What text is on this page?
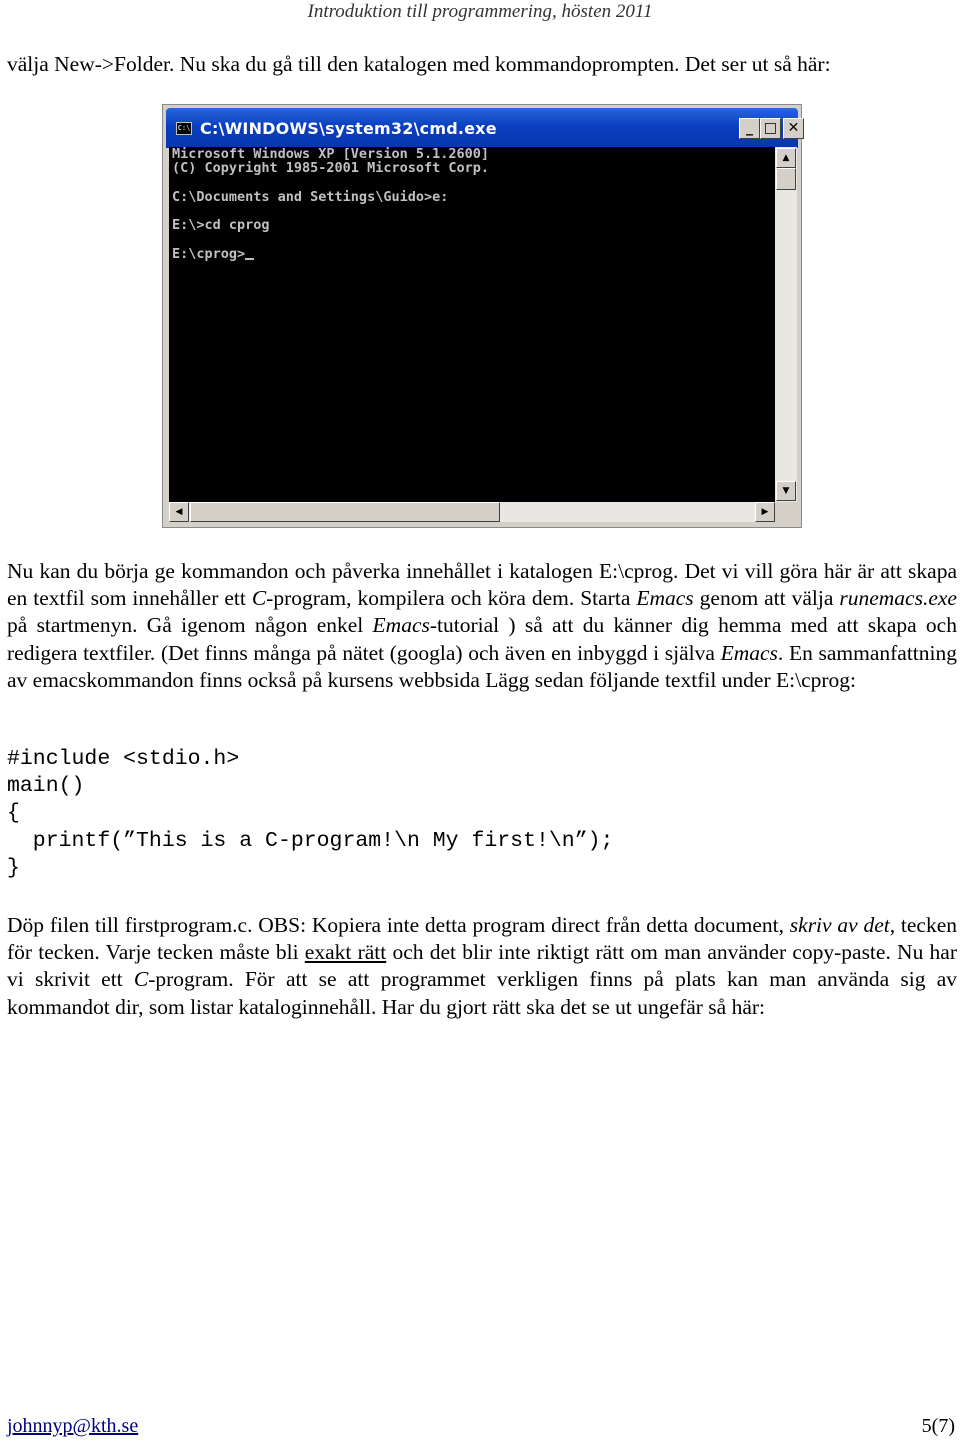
Introduktion till programmering, hösten 2011
välja New->Folder. Nu ska du gå till den katalogen med kommandoprompten. Det ser ut så här:
C:\ C:\WINDOWS\system32\cmd.exe	_ □ ✕
Microsoft Windows XP [Version 5.1.2600]
(C) Copyright 1985-2001 Microsoft Corp.
C:\Documents and Settings\Guido>e:
E:\>cd cprog
E:\cprog>
▲
▼
◀	▶
Nu kan du börja ge kommandon och påverka innehållet i katalogen E:\cprog. Det vi vill göra här är att skapa en textfil som innehåller ett C-program, kompilera och köra dem. Starta Emacs genom att välja runemacs.exe på startmenyn. Gå igenom någon enkel Emacs-tutorial ) så att du känner dig hemma med att skapa och redigera textfiler. (Det finns många på nätet (googla) och även en inbyggd i själva Emacs. En sammanfattning av emacskommandon finns också på kursens webbsida Lägg sedan följande textfil under E:\cprog:
#include <stdio.h>
main()
{
printf(”This is a C-program!\n My first!\n”);
}
Döp filen till firstprogram.c. OBS: Kopiera inte detta program direct från detta document, skriv av det, tecken för tecken. Varje tecken måste bli exakt rätt och det blir inte riktigt rätt om man använder copy-paste. Nu har vi skrivit ett C-program. För att se att programmet verkligen finns på plats kan man använda sig av kommandot dir, som listar kataloginnehåll. Har du gjort rätt ska det se ut ungefär så här:
johnnyp@kth.se	5(7)
